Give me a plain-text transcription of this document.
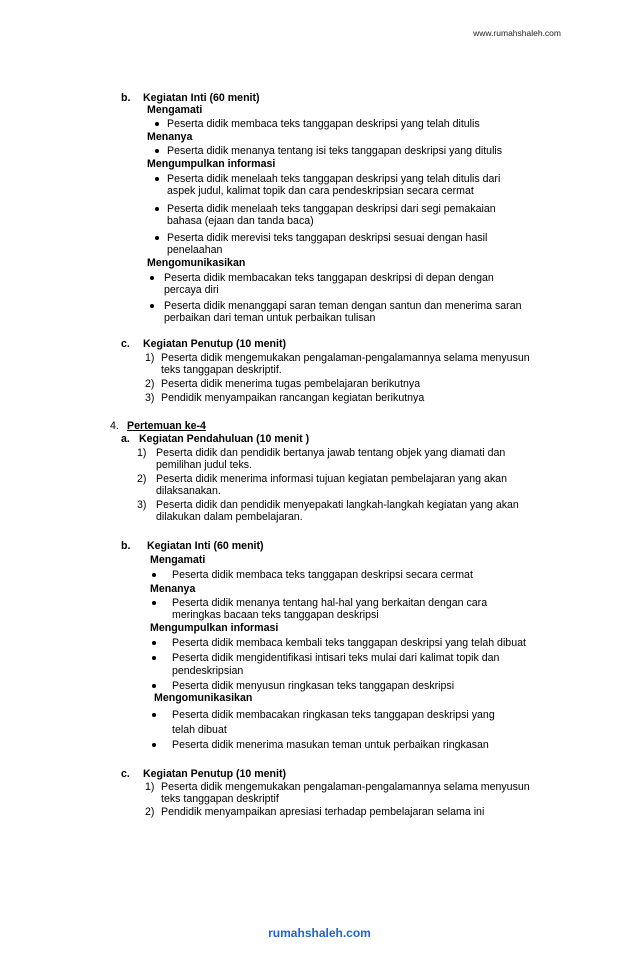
www.rumahshaleh.com
b. Kegiatan Inti (60 menit)
Mengamati
Peserta didik membaca teks tanggapan deskripsi yang telah ditulis
Menanya
Peserta didik menanya tentang isi teks tanggapan deskripsi yang ditulis
Mengumpulkan informasi
Peserta didik menelaah teks tanggapan deskripsi yang telah ditulis dari
aspek judul, kalimat topik dan cara pendeskripsian secara cermat
Peserta didik menelaah teks tanggapan deskripsi dari segi pemakaian
bahasa (ejaan dan tanda baca)
Peserta didik merevisi teks tanggapan deskripsi sesuai dengan hasil
penelaahan
Mengomunikasikan
Peserta didik membacakan teks tanggapan deskripsi di depan dengan
percaya diri
Peserta didik menanggapi saran teman dengan santun dan menerima saran
perbaikan dari teman untuk perbaikan tulisan
c. Kegiatan Penutup (10 menit)
1) Peserta didik mengemukakan pengalaman-pengalamannya selama menyusun
teks tanggapan deskriptif.
2) Peserta didik menerima tugas pembelajaran berikutnya
3) Pendidik menyampaikan rancangan kegiatan berikutnya
4. Pertemuan ke-4
a. Kegiatan Pendahuluan (10 menit )
1) Peserta didik dan pendidik bertanya jawab tentang objek yang diamati dan
pemilihan judul teks.
2) Peserta didik menerima informasi tujuan kegiatan pembelajaran yang akan
dilaksanakan.
3) Peserta didik dan pendidik menyepakati langkah-langkah kegiatan yang akan
dilakukan dalam pembelajaran.
b. Kegiatan Inti (60 menit)
Mengamati
Peserta didik membaca teks tanggapan deskripsi secara cermat
Menanya
Peserta didik menanya tentang hal-hal yang berkaitan dengan cara
meringkas bacaan teks tanggapan deskripsi
Mengumpulkan informasi
Peserta didik membaca kembali teks tanggapan deskripsi yang telah dibuat
Peserta didik mengidentifikasi intisari teks mulai dari kalimat topik dan
pendeskripsian
Peserta didik menyusun ringkasan teks tanggapan deskripsi
Mengomunikasikan
Peserta didik membacakan ringkasan teks tanggapan deskripsi yang
telah dibuat
Peserta didik menerima masukan teman untuk perbaikan ringkasan
c. Kegiatan Penutup (10 menit)
1) Peserta didik mengemukakan pengalaman-pengalamannya selama menyusun
teks tanggapan deskriptif
2) Pendidik menyampaikan apresiasi terhadap pembelajaran selama ini
rumahshaleh.com
